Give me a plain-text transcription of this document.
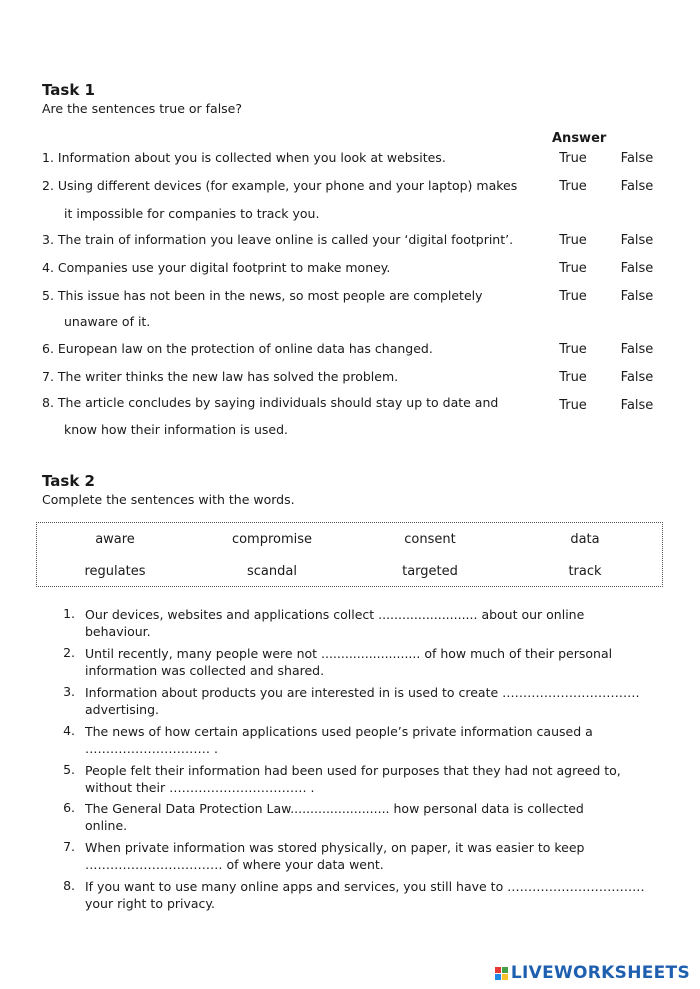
Task 1
Are the sentences true or false?
Answer
1. Information about you is collected when you look at websites.	True	False
2. Using different devices (for example, your phone and your laptop) makes
it impossible for companies to track you.
True	False
3. The train of information you leave online is called your ‘digital footprint’.	True	False
4. Companies use your digital footprint to make money.	True	False
5. This issue has not been in the news, so most people are completely
unaware of it.
True	False
6. European law on the protection of online data has changed.	True	False
7. The writer thinks the new law has solved the problem.	True	False
8. The article concludes by saying individuals should stay up to date and
know how their information is used.
True	False
Task 2
Complete the sentences with the words.
aware	compromise	consent	data
regulates	scandal	targeted	track
1. Our devices, websites and applications collect ......................... about our online
behaviour.
2. Until recently, many people were not ......................... of how much of their personal
information was collected and shared.
3. Information about products you are interested in is used to create ……………………………
advertising.
4. The news of how certain applications used people’s private information caused a
………………………… .
5. People felt their information had been used for purposes that they had not agreed to,
without their …………………………… .
6. The General Data Protection Law......................... how personal data is collected
online.
7. When private information was stored physically, on paper, it was easier to keep
…………………………… of where your data went.
8. If you want to use many online apps and services, you still have to ……………………………
your right to privacy.
LIVEWORKSHEETS
